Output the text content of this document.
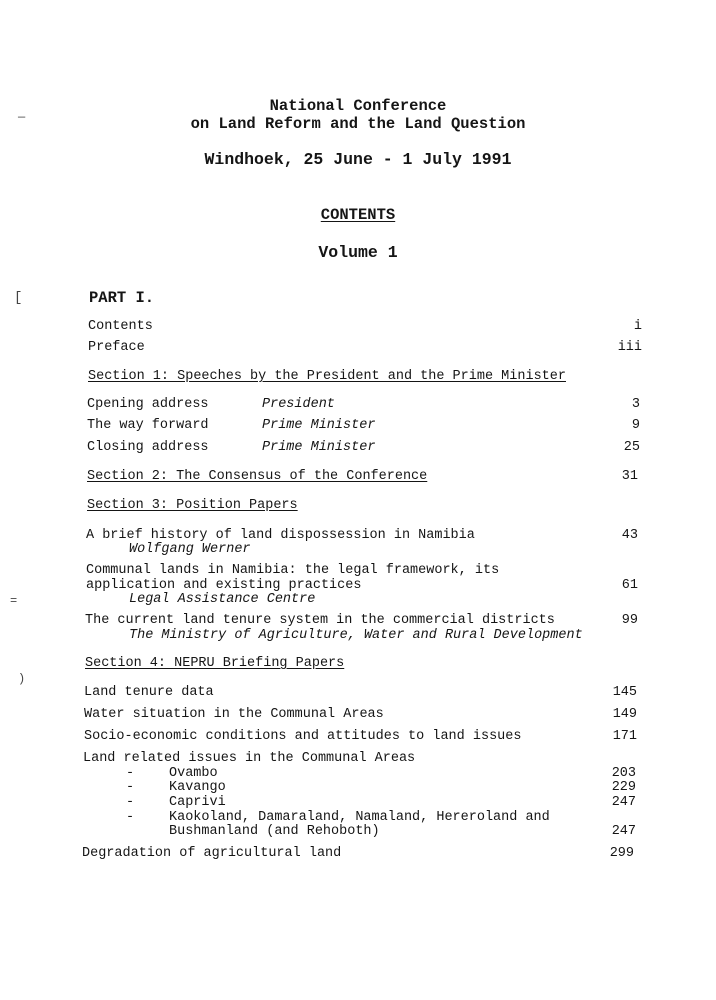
—
[
=
)
National Conference
on Land Reform and the Land Question
Windhoek, 25 June - 1 July 1991
CONTENTS
Volume 1
PART I.
Contents	i
Preface	iii
Section 1: Speeches by the President and the Prime Minister
Cpening address	President	3
The way forward	Prime Minister	9
Closing address	Prime Minister	25
Section 2: The Consensus of the Conference	31
Section 3: Position Papers
A brief history of land dispossession in Namibia	43
Wolfgang Werner
Communal lands in Namibia: the legal framework, its
application and existing practices	61
Legal Assistance Centre
The current land tenure system in the commercial districts	99
The Ministry of Agriculture, Water and Rural Development
Section 4: NEPRU Briefing Papers
Land tenure data	145
Water situation in the Communal Areas	149
Socio-economic conditions and attitudes to land issues	171
Land related issues in the Communal Areas
-	Ovambo	203
-	Kavango	229
-	Caprivi	247
-	Kaokoland, Damaraland, Namaland, Hereroland and
Bushmanland (and Rehoboth)	247
Degradation of agricultural land	299
